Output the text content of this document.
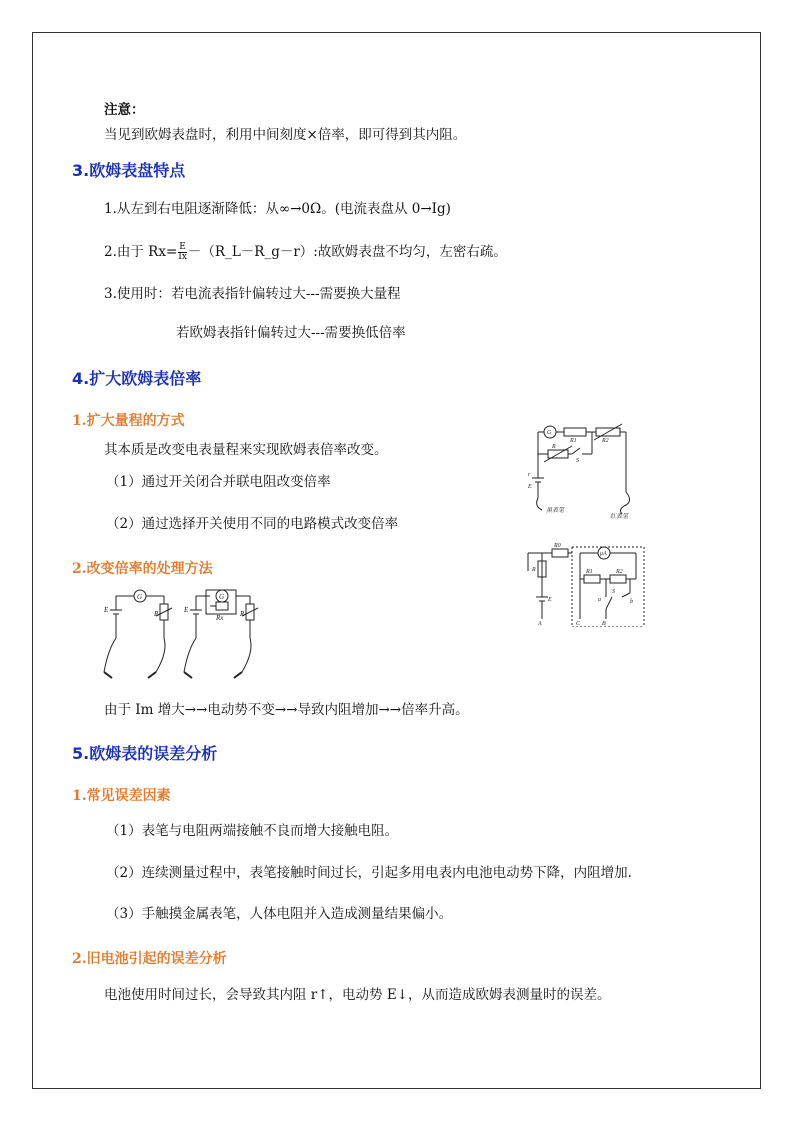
注意：
当见到欧姆表盘时，利用中间刻度×倍率，即可得到其内阻。
3.欧姆表盘特点
1.从左到右电阻逐渐降低：从∞→0Ω。(电流表盘从 0→Ig)
2.由于 $Rx= \frac{E}{Ix}$ －（R_L－R_g－r）:故欧姆表盘不均匀，左密右疏。
3.使用时：若电流表指针偏转过大---需要换大量程
若欧姆表指针偏转过大---需要换低倍率
4.扩大欧姆表倍率
1.扩大量程的方式
其本质是改变电表量程来实现欧姆表倍率改变。
（1）通过开关闭合并联电阻改变倍率
（2）通过选择开关使用不同的电路模式改变倍率
2.改变倍率的处理方法
G
R1	R2
R
S
r
E
黑表笔
红表笔
R0
μA
R1	R2
R
E	a
S
b
A	C	B
E
G
R	E
G
R
Rx
由于 Im 增大→→电动势不变→→导致内阻增加→→倍率升高。
5.欧姆表的误差分析
1.常见误差因素
（1）表笔与电阻两端接触不良而增大接触电阻。
（2）连续测量过程中，表笔接触时间过长，引起多用电表内电池电动势下降，内阻增加.
（3）手触摸金属表笔，人体电阻并入造成测量结果偏小。
2.旧电池引起的误差分析
电池使用时间过长，会导致其内阻 r↑，电动势 E↓，从而造成欧姆表测量时的误差。
